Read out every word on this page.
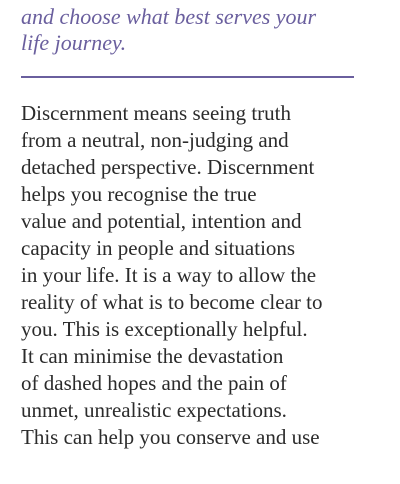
and choose what best serves your
life journey.

Discernment means seeing truth
from a neutral, non-judging and
detached perspective. Discernment
helps you recognise the true
value and potential, intention and
capacity in people and situations
in your life. It is a way to allow the
reality of what is to become clear to
you. This is exceptionally helpful.
It can minimise the devastation
of dashed hopes and the pain of
unmet, unrealistic expectations.
This can help you conserve and use
